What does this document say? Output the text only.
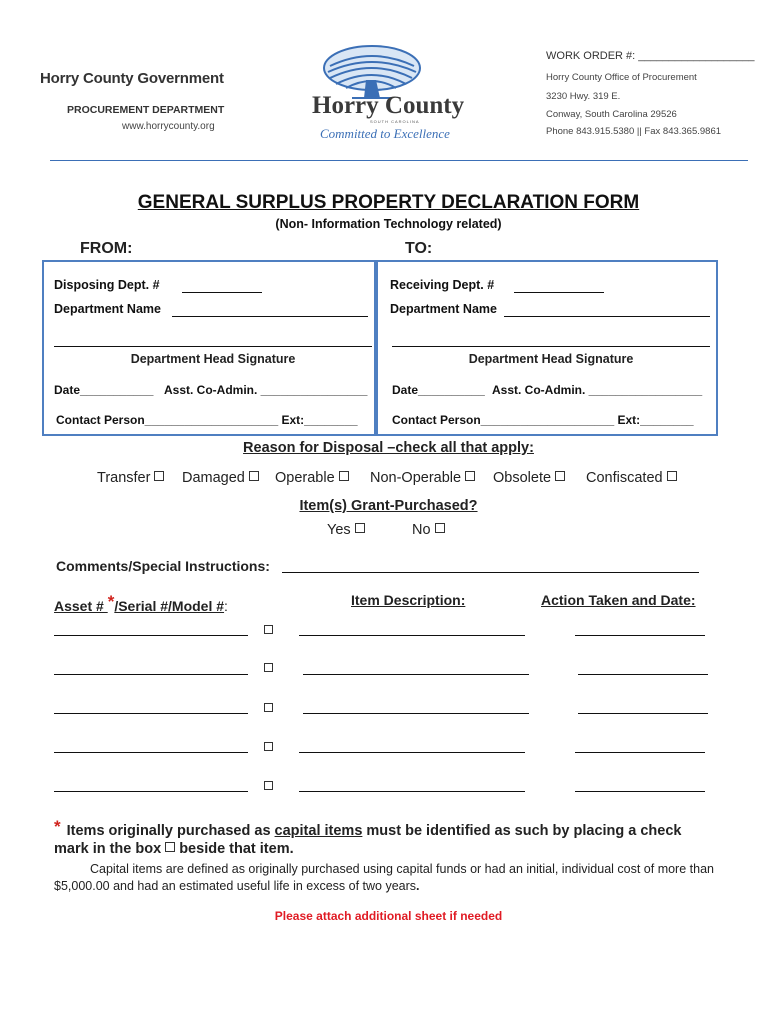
Horry County Government
PROCUREMENT DEPARTMENT
www.horrycounty.org
Horry County
SOUTH CAROLINA
Committed to Excellence
WORK ORDER #: ___________________
Horry County Office of Procurement
3230 Hwy. 319 E.
Conway, South Carolina 29526
Phone 843.915.5380 || Fax 843.365.9861
GENERAL SURPLUS PROPERTY DECLARATION FORM
(Non- Information Technology related)
FROM:	TO:
Disposing Dept. #
Department Name
Department Head Signature
Date___________ Asst. Co-Admin. ________________
Contact Person____________________ Ext:________
Receiving Dept. #
Department Name
Department Head Signature
Date__________ Asst. Co-Admin. _________________
Contact Person____________________ Ext:________
Reason for Disposal –check all that apply:
Transfer	Damaged	Operable	Non-Operable	Obsolete	Confiscated
Item(s) Grant-Purchased?
Yes	No
Comments/Special Instructions:
Asset # */Serial #/Model #:	Item Description:	Action Taken and Date:
* Items originally purchased as capital items must be identified as such by placing a check
mark in the box beside that item.
Capital items are defined as originally purchased using capital funds or had an initial, individual cost of more than $5,000.00 and had an estimated useful life in excess of two years.
Please attach additional sheet if needed
